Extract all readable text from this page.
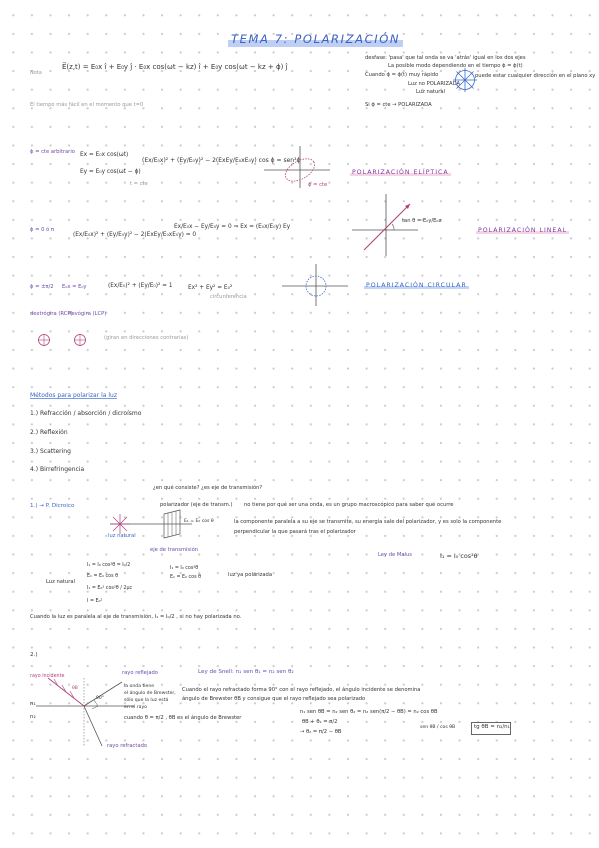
TEMA 7: POLARIZACIÓN
Nota
E⃗(z,t) = E₀x î + E₀y ĵ · E₀x cos(ωt − kz) î + E₀y cos(ωt − kz + ϕ) ĵ
desfase: 'pasa' que tal onda se va 'atrás' igual en los dos ejes
La posible modo dependiendo en el tiempo ϕ = ϕ(t)
Cuando ϕ = ϕ(t) muy rápido
Luz no POLARIZADA
Luz natural
puede estar cualquier dirección en el plano xy
Si ϕ = cte → POLARIZADA
El tiempo más fácil en el momento que t=0
ϕ = cte arbitrario Ex = E₀x cos(ωt)
Ey = E₀y cos(ωt − ϕ)
(Ex/E₀x)² + (Ey/E₀y)² − 2(ExEy/E₀xE₀y) cos ϕ = sen²ϕ
t = cte	ϕ = cte
POLARIZACIÓN ELÍPTICA
ϕ = 0 ó π
(Ex/E₀x)² + (Ey/E₀y)² − 2(ExEy/E₀xE₀y) = 0
Ex/E₀x − Ey/E₀y = 0 ⇒ Ex = (E₀x/E₀y) Ey
tan θ = E₀y/E₀x
POLARIZACIÓN LINEAL
ϕ = ±π/2 E₀x = E₀y	(Ex/E₀)² + (Ey/E₀)² = 1	Ex² + Ey² = E₀²
circunferencia
POLARIZACIÓN CIRCULAR
dextrógira (RCP)
levógira (LCP)
(giran en direcciones contrarias)
Métodos para polarizar la luz
1.) Refracción / absorción / dicroísmo
2.) Reflexión
3.) Scattering
4.) Birrefringencia
1.) → P. Dicroico
¿en qué consiste? ¿es eje de transmisión?
polarizador (eje de transm.) no tiene por qué ser una onda, es un grupo macroscópico para saber qué ocurre
la componente paralela a su eje se transmite, su energía sale del polarizador, y es solo la componente
perpendicular la que pasará tras el polarizador
E₁ = E₀ cos θ
luz natural
eje de transmisión
Ley de Malus	I₁ = I₀ cos²θ
Luz natural
I₁ = I₀ cos²θ = I₀/2
E₁ = E₀ cos θ
I₁ = E₀² cos²θ / 2μc
I = E₀²
I₁ = I₀ cos²θ
E₁ = E₀ cos θ	luz ya polarizada
Cuando la luz es paralela al eje de transmisión, I₁ = I₀/2 , si no hay polarizada no.
2.)
rayo incidente
rayo reflejado
rayo refractado
n₁
n₂
90°
θB
Ley de Snell: n₁ sen θ₁ = n₂ sen θ₂
la onda tiene
el ángulo de Brewster,
sólo que la luz está
en el rayo
Cuando el rayo refractado forma 90° con el rayo reflejado, el ángulo incidente se denomina
ángulo de Brewster θB y consigue que el rayo reflejado sea polarizado
cuando θ = π/2 , θB es el ángulo de Brewster
n₁ sen θB = n₂ sen θ₂ = n₂ sen(π/2 − θB) = n₂ cos θB
θB + θ₂ = π/2
→ θ₂ = π/2 − θB
sen θB / cos θB	tg θB = n₂/n₁
